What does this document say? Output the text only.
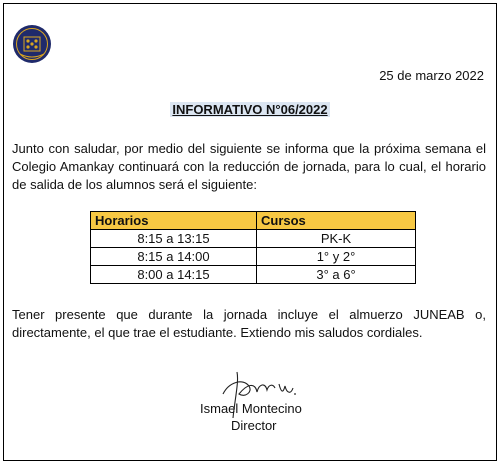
25 de marzo 2022
INFORMATIVO N°06/2022
Junto con saludar, por medio del siguiente se informa que la próxima semana el Colegio Amankay continuará con la reducción de jornada, para lo cual, el horario de salida de los alumnos será el siguiente:
Horarios	Cursos
8:15 a 13:15	PK-K
8:15 a 14:00	1° y 2°
8:00 a 14:15	3° a 6°
Tener presente que durante la jornada incluye el almuerzo JUNEAB o, directamente, el que trae el estudiante. Extiendo mis saludos cordiales.
Ismael Montecino
Director
